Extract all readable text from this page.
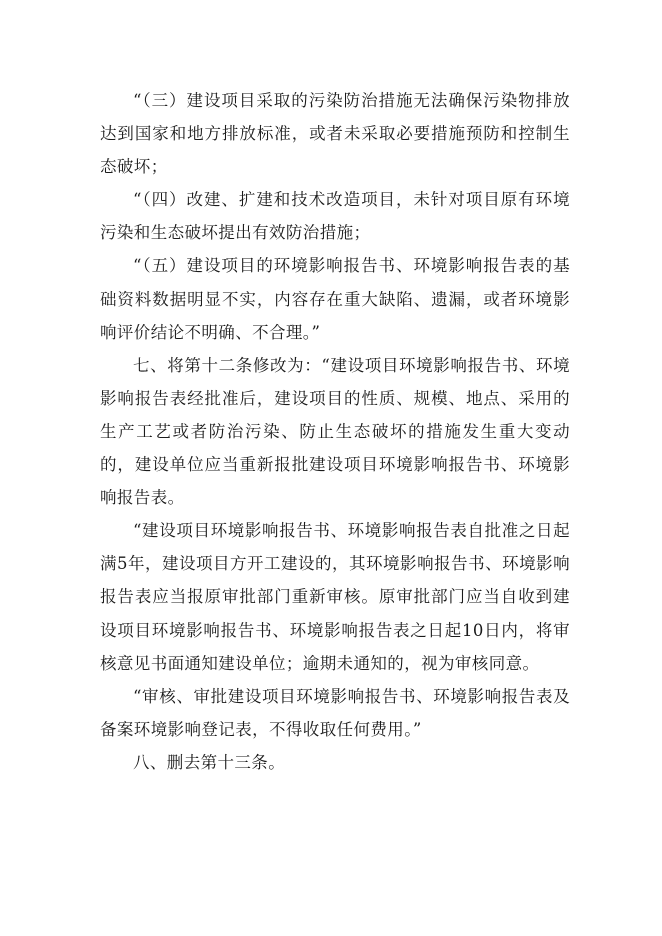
“（三）建设项目采取的污染防治措施无法确保污染物排放达到国家和地方排放标准，或者未采取必要措施预防和控制生态破坏；

“（四）改建、扩建和技术改造项目，未针对项目原有环境污染和生态破坏提出有效防治措施；

“（五）建设项目的环境影响报告书、环境影响报告表的基础资料数据明显不实，内容存在重大缺陷、遗漏，或者环境影响评价结论不明确、不合理。”

七、将第十二条修改为：“建设项目环境影响报告书、环境影响报告表经批准后，建设项目的性质、规模、地点、采用的生产工艺或者防治污染、防止生态破坏的措施发生重大变动的，建设单位应当重新报批建设项目环境影响报告书、环境影响报告表。

“建设项目环境影响报告书、环境影响报告表自批准之日起满5年，建设项目方开工建设的，其环境影响报告书、环境影响报告表应当报原审批部门重新审核。原审批部门应当自收到建设项目环境影响报告书、环境影响报告表之日起10日内，将审核意见书面通知建设单位；逾期未通知的，视为审核同意。

“审核、审批建设项目环境影响报告书、环境影响报告表及备案环境影响登记表，不得收取任何费用。”

八、删去第十三条。
